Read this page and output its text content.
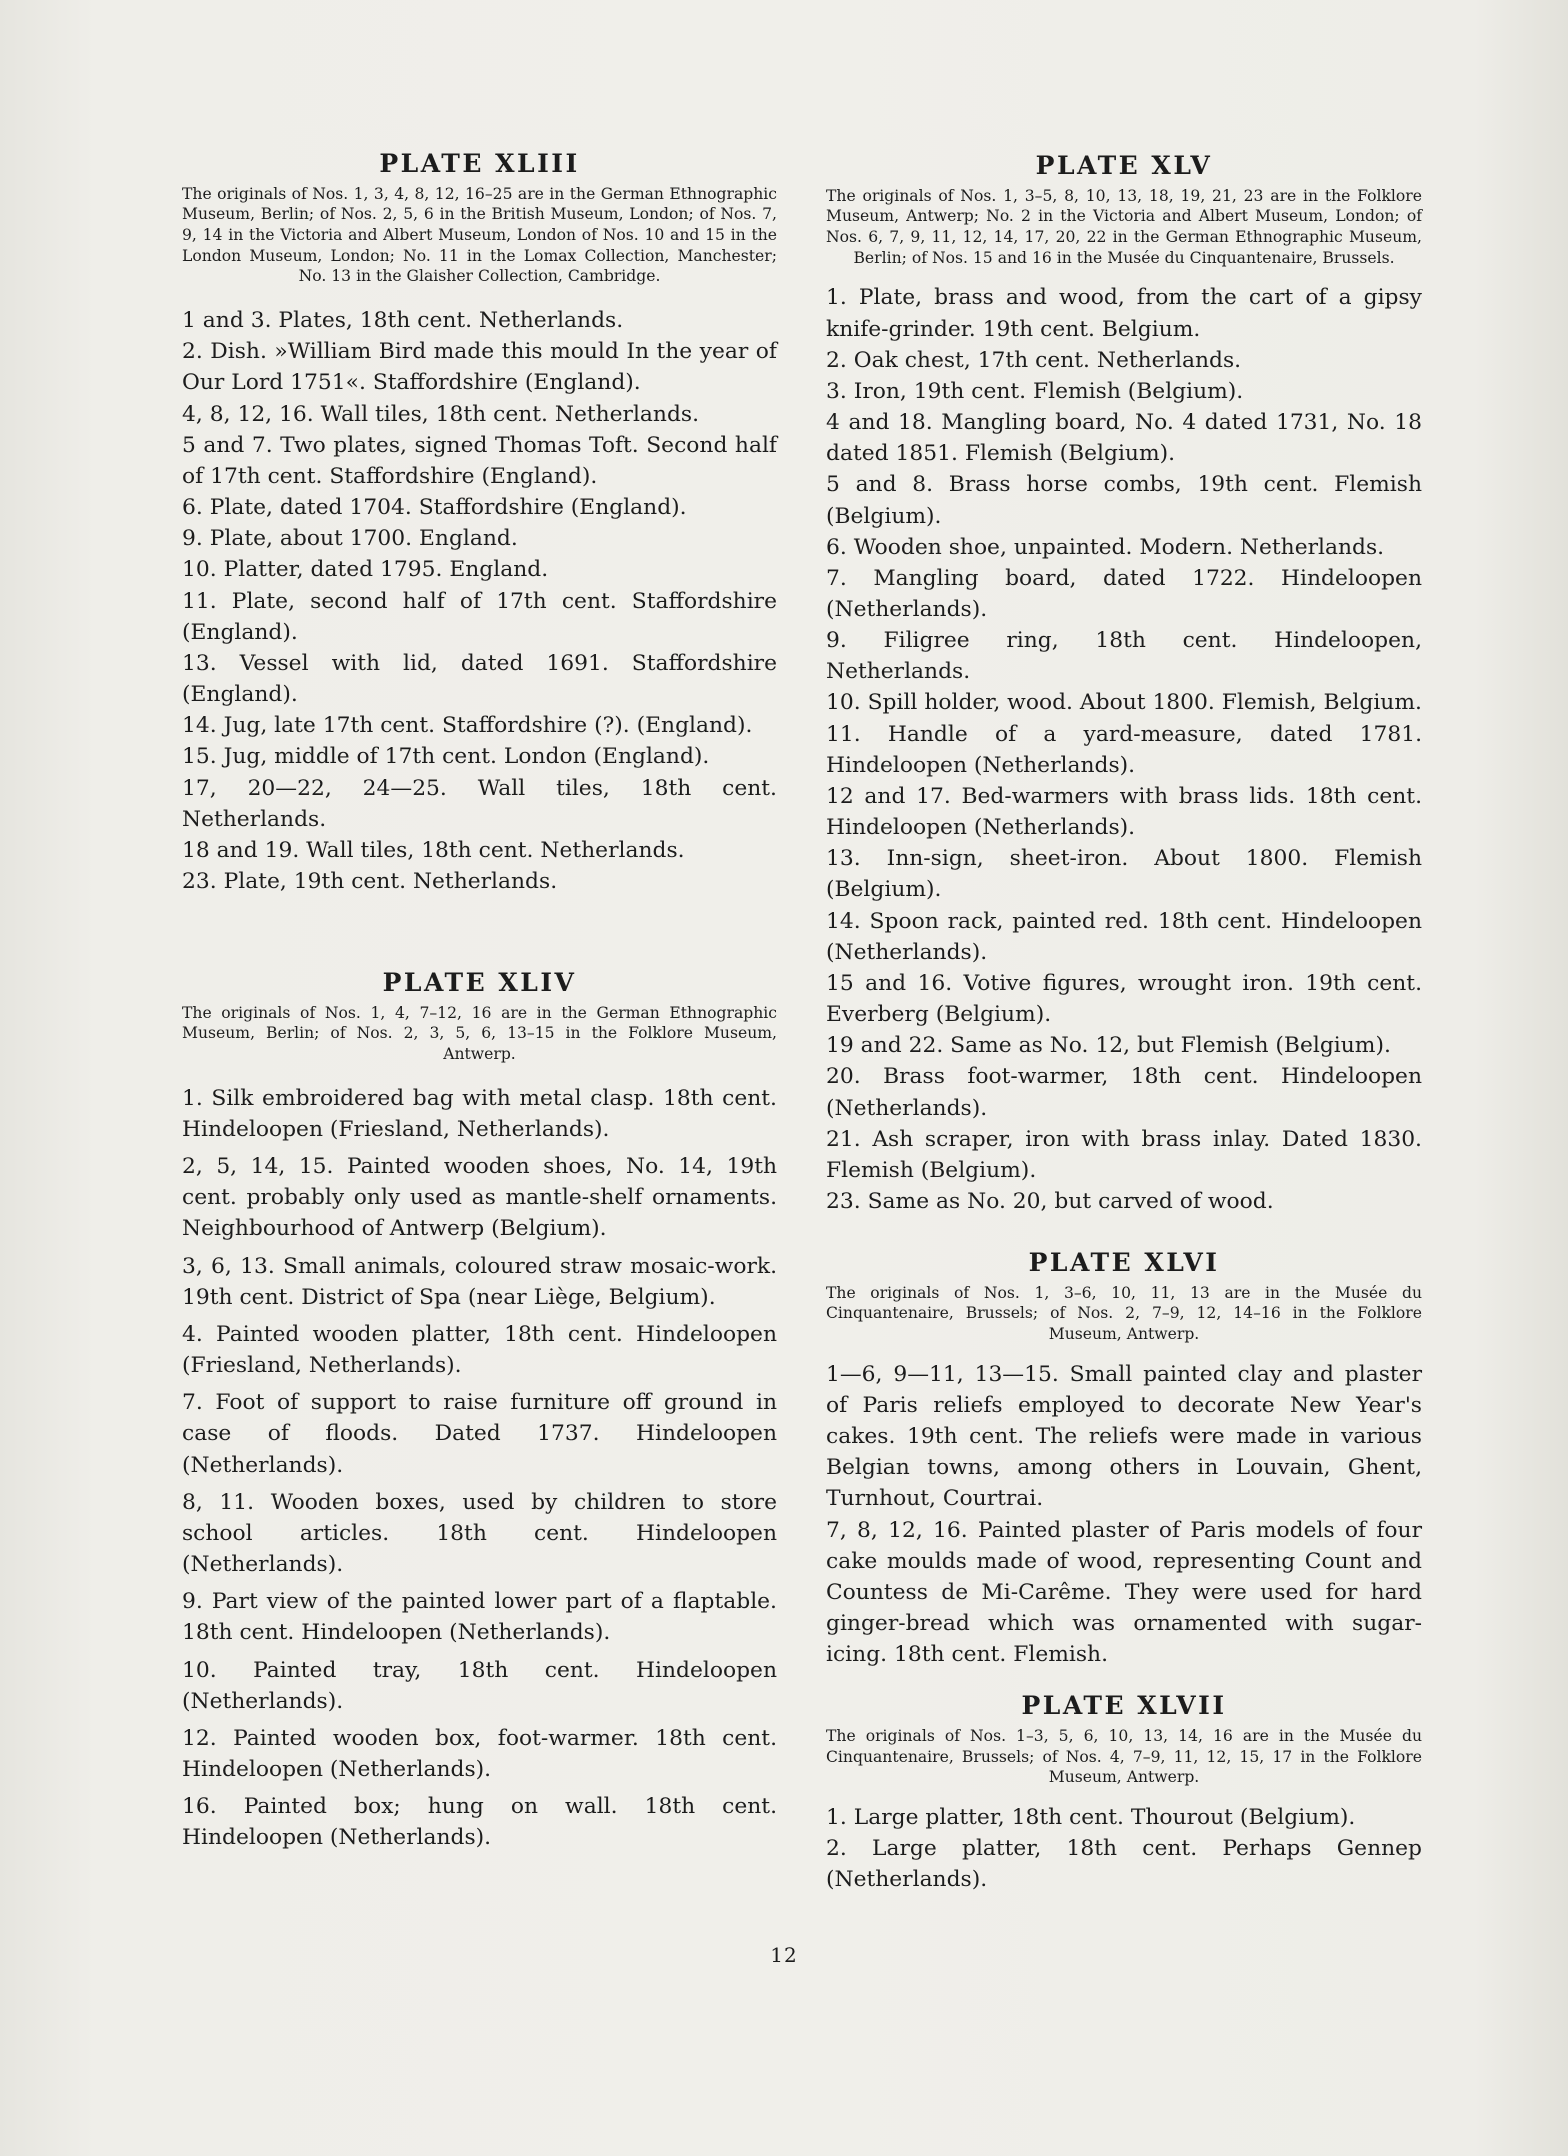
PLATE XLIII

The originals of Nos. 1, 3, 4, 8, 12, 16–25 are in the German Ethnographic Museum, Berlin; of Nos. 2, 5, 6 in the British Museum, London; of Nos. 7, 9, 14 in the Victoria and Albert Museum, London of Nos. 10 and 15 in the London Museum, London; No. 11 in the Lomax Collection, Manchester; No. 13 in the Glaisher Collection, Cambridge.

1 and 3. Plates, 18th cent. Netherlands.

2. Dish. »William Bird made this mould In the year of Our Lord 1751«. Staffordshire (England).

4, 8, 12, 16. Wall tiles, 18th cent. Netherlands.

5 and 7. Two plates, signed Thomas Toft. Second half of 17th cent. Staffordshire (England).

6. Plate, dated 1704. Staffordshire (England).

9. Plate, about 1700. England.

10. Platter, dated 1795. England.

11. Plate, second half of 17th cent. Staffordshire (England).

13. Vessel with lid, dated 1691. Staffordshire (England).

14. Jug, late 17th cent. Staffordshire (?). (England).

15. Jug, middle of 17th cent. London (England).

17, 20—22, 24—25. Wall tiles, 18th cent. Netherlands.

18 and 19. Wall tiles, 18th cent. Netherlands.

23. Plate, 19th cent. Netherlands.

PLATE XLIV

The originals of Nos. 1, 4, 7–12, 16 are in the German Ethnographic Museum, Berlin; of Nos. 2, 3, 5, 6, 13–15 in the Folklore Museum, Antwerp.

1. Silk embroidered bag with metal clasp. 18th cent. Hindeloopen (Friesland, Netherlands).

2, 5, 14, 15. Painted wooden shoes, No. 14, 19th cent. probably only used as mantle-shelf ornaments. Neighbourhood of Antwerp (Belgium).

3, 6, 13. Small animals, coloured straw mosaic-work. 19th cent. District of Spa (near Liège, Belgium).

4. Painted wooden platter, 18th cent. Hindeloopen (Friesland, Netherlands).

7. Foot of support to raise furniture off ground in case of floods. Dated 1737. Hindeloopen (Netherlands).

8, 11. Wooden boxes, used by children to store school articles. 18th cent. Hindeloopen (Netherlands).

9. Part view of the painted lower part of a flaptable. 18th cent. Hindeloopen (Netherlands).

10. Painted tray, 18th cent. Hindeloopen (Netherlands).

12. Painted wooden box, foot-warmer. 18th cent. Hindeloopen (Netherlands).

16. Painted box; hung on wall. 18th cent. Hindeloopen (Netherlands).

PLATE XLV

The originals of Nos. 1, 3–5, 8, 10, 13, 18, 19, 21, 23 are in the Folklore Museum, Antwerp; No. 2 in the Victoria and Albert Museum, London; of Nos. 6, 7, 9, 11, 12, 14, 17, 20, 22 in the German Ethnographic Museum, Berlin; of Nos. 15 and 16 in the Musée du Cinquantenaire, Brussels.

1. Plate, brass and wood, from the cart of a gipsy knife-grinder. 19th cent. Belgium.

2. Oak chest, 17th cent. Netherlands.

3. Iron, 19th cent. Flemish (Belgium).

4 and 18. Mangling board, No. 4 dated 1731, No. 18 dated 1851. Flemish (Belgium).

5 and 8. Brass horse combs, 19th cent. Flemish (Belgium).

6. Wooden shoe, unpainted. Modern. Netherlands.

7. Mangling board, dated 1722. Hindeloopen (Netherlands).

9. Filigree ring, 18th cent. Hindeloopen, Netherlands.

10. Spill holder, wood. About 1800. Flemish, Belgium.

11. Handle of a yard-measure, dated 1781. Hindeloopen (Netherlands).

12 and 17. Bed-warmers with brass lids. 18th cent. Hindeloopen (Netherlands).

13. Inn-sign, sheet-iron. About 1800. Flemish (Belgium).

14. Spoon rack, painted red. 18th cent. Hindeloopen (Netherlands).

15 and 16. Votive figures, wrought iron. 19th cent. Everberg (Belgium).

19 and 22. Same as No. 12, but Flemish (Belgium).

20. Brass foot-warmer, 18th cent. Hindeloopen (Netherlands).

21. Ash scraper, iron with brass inlay. Dated 1830. Flemish (Belgium).

23. Same as No. 20, but carved of wood.

PLATE XLVI

The originals of Nos. 1, 3–6, 10, 11, 13 are in the Musée du Cinquantenaire, Brussels; of Nos. 2, 7–9, 12, 14–16 in the Folklore Museum, Antwerp.

1—6, 9—11, 13—15. Small painted clay and plaster of Paris reliefs employed to decorate New Year's cakes. 19th cent. The reliefs were made in various Belgian towns, among others in Louvain, Ghent, Turnhout, Courtrai.

7, 8, 12, 16. Painted plaster of Paris models of four cake moulds made of wood, representing Count and Countess de Mi-Carême. They were used for hard ginger-bread which was ornamented with sugar-icing. 18th cent. Flemish.

PLATE XLVII

The originals of Nos. 1–3, 5, 6, 10, 13, 14, 16 are in the Musée du Cinquantenaire, Brussels; of Nos. 4, 7–9, 11, 12, 15, 17 in the Folklore Museum, Antwerp.

1. Large platter, 18th cent. Thourout (Belgium).

2. Large platter, 18th cent. Perhaps Gennep (Netherlands).

12
